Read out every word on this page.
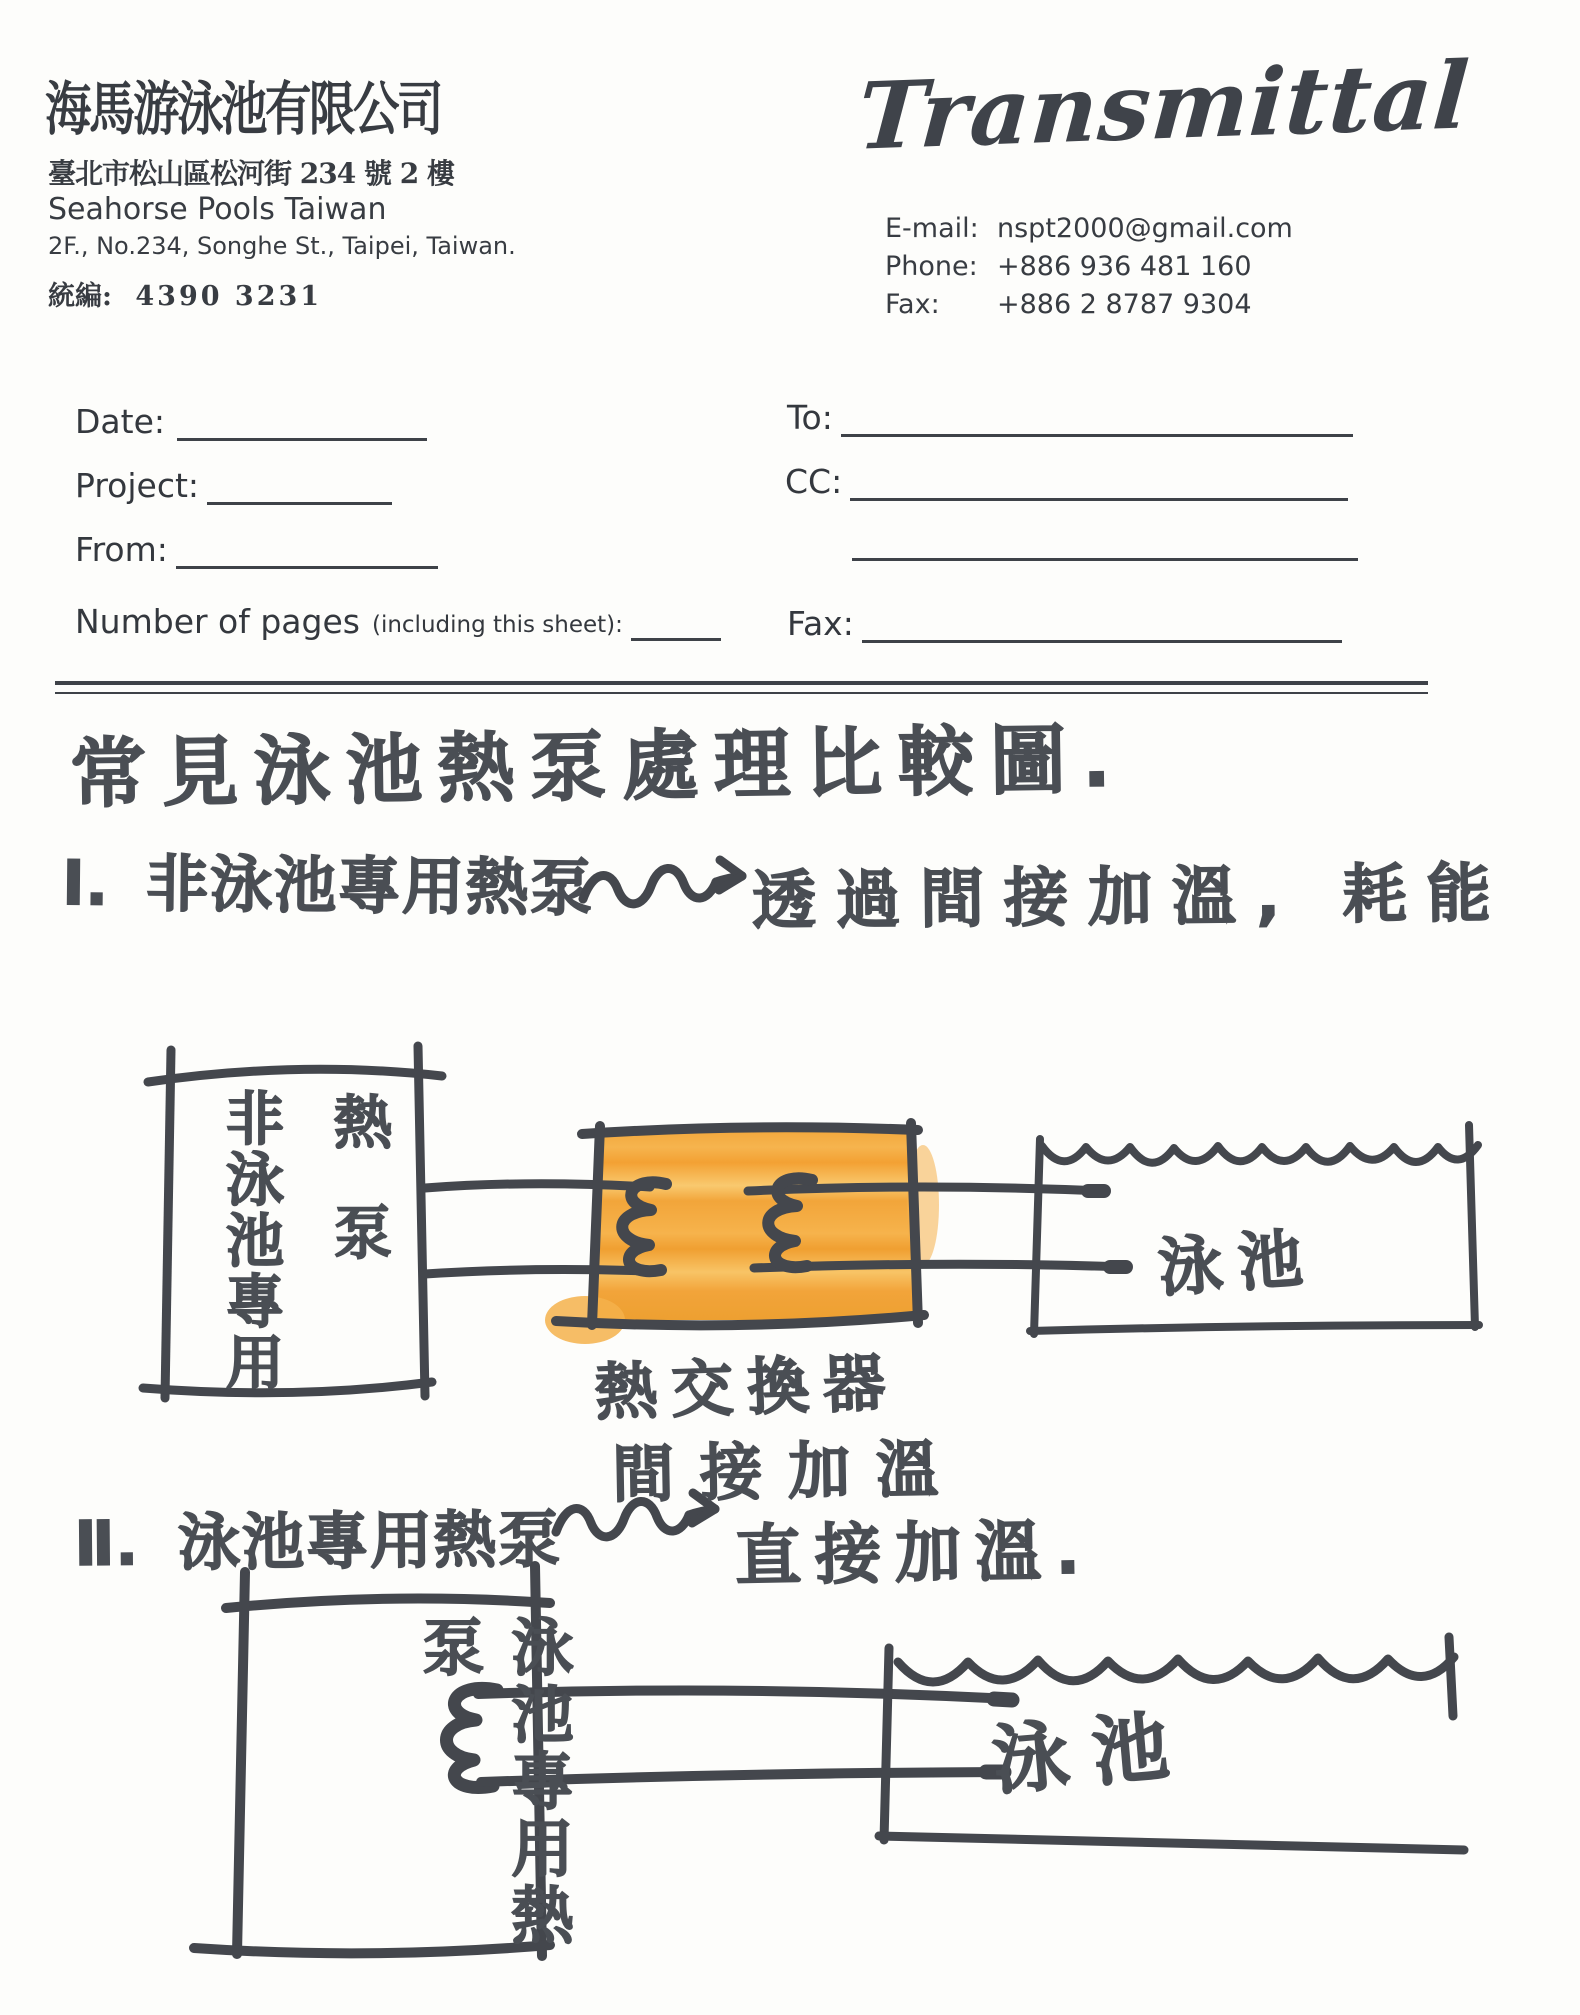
海馬游泳池有限公司
臺北市松山區松河街 234 號 2 樓
Seahorse Pools Taiwan
2F., No.234, Songhe St., Taipei, Taiwan.
統編: 4390 3231
Transmittal
E-mail: nspt2000@gmail.com
Phone: +886 936 481 160
Fax:	+886 2 8787 9304
Date:
Project:
From:
Number of pages (including this sheet):
To:
CC:
Fax:
常見泳池熱泵處理比較圖.
I. 非泳池專用熱泵 透過間接加溫, 耗能
Ⅱ. 泳池專用熱泵	直接加溫.
非泳池專用 熱泵
熱交換器
間接加溫
泳池
泳池專用熱泵
泳池
